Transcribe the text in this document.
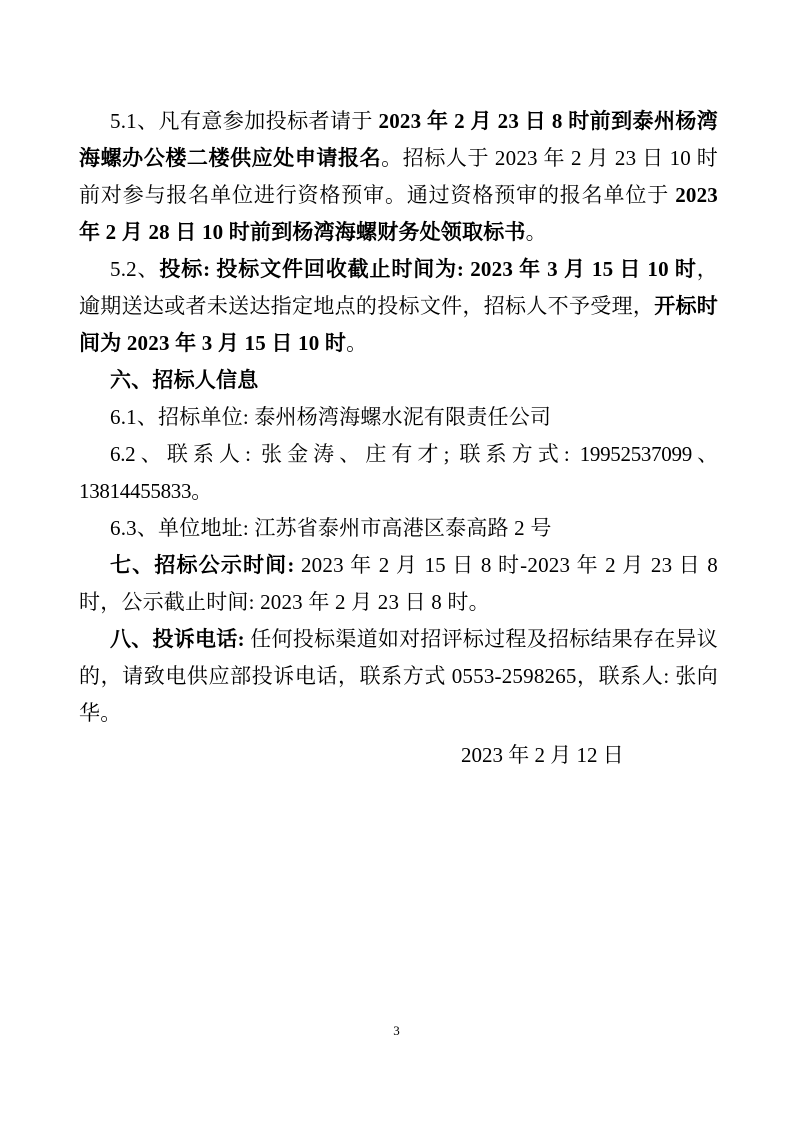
5.1、凡有意参加投标者请于 2023 年 2 月 23 日 8 时前到泰州杨湾海螺办公楼二楼供应处申请报名。招标人于 2023 年 2 月 23 日 10 时前对参与报名单位进行资格预审。通过资格预审的报名单位于 2023 年 2 月 28 日 10 时前到杨湾海螺财务处领取标书。

5.2、投标: 投标文件回收截止时间为: 2023 年 3 月 15 日 10 时，逾期送达或者未送达指定地点的投标文件，招标人不予受理，开标时间为 2023 年 3 月 15 日 10 时。

六、招标人信息

6.1、招标单位: 泰州杨湾海螺水泥有限责任公司

6.2、联系人: 张金涛、庄有才; 联系方式: 19952537099、13814455833。

6.3、单位地址: 江苏省泰州市高港区泰高路 2 号

七、招标公示时间: 2023 年 2 月 15 日 8 时-2023 年 2 月 23 日 8 时，公示截止时间: 2023 年 2 月 23 日 8 时。

八、投诉电话: 任何投标渠道如对招评标过程及招标结果存在异议的，请致电供应部投诉电话，联系方式 0553-2598265，联系人: 张向华。

2023 年 2 月 12 日
3
